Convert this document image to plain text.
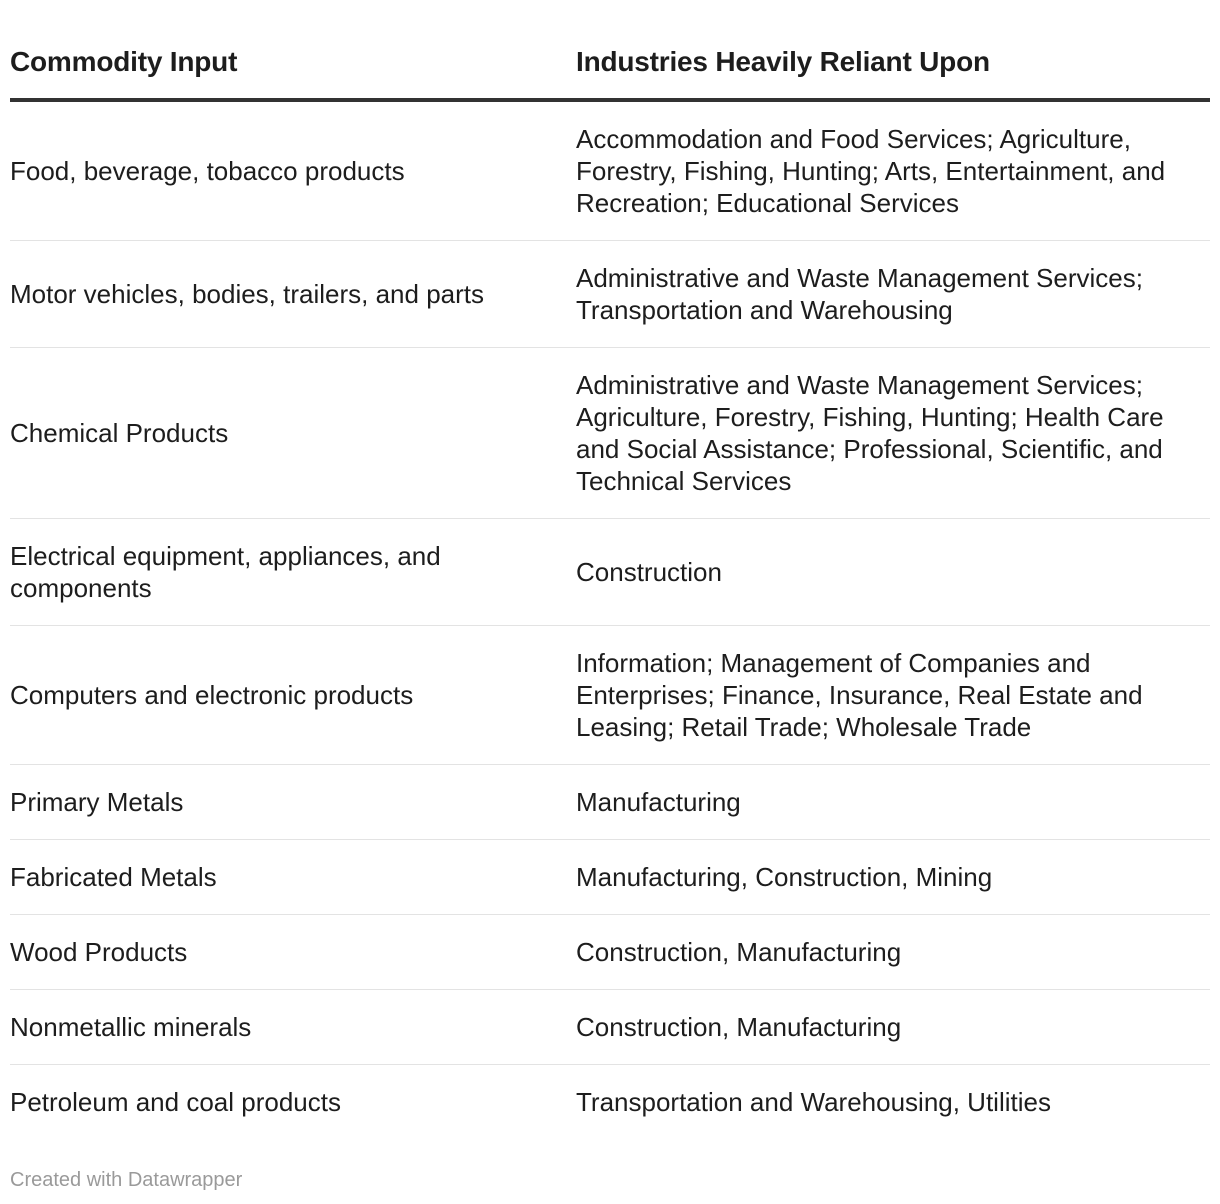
Commodity Input	Industries Heavily Reliant Upon
Food, beverage, tobacco products	Accommodation and Food Services; Agriculture, Forestry, Fishing, Hunting; Arts, Entertainment, and Recreation; Educational Services
Motor vehicles, bodies, trailers, and parts	Administrative and Waste Management Services; Transportation and Warehousing
Chemical Products	Administrative and Waste Management Services; Agriculture, Forestry, Fishing, Hunting; Health Care and Social Assistance; Professional, Scientific, and Technical Services
Electrical equipment, appliances, and components	Construction
Computers and electronic products	Information; Management of Companies and Enterprises; Finance, Insurance, Real Estate and Leasing; Retail Trade; Wholesale Trade
Primary Metals	Manufacturing
Fabricated Metals	Manufacturing, Construction, Mining
Wood Products	Construction, Manufacturing
Nonmetallic minerals	Construction, Manufacturing
Petroleum and coal products	Transportation and Warehousing, Utilities
Created with Datawrapper
